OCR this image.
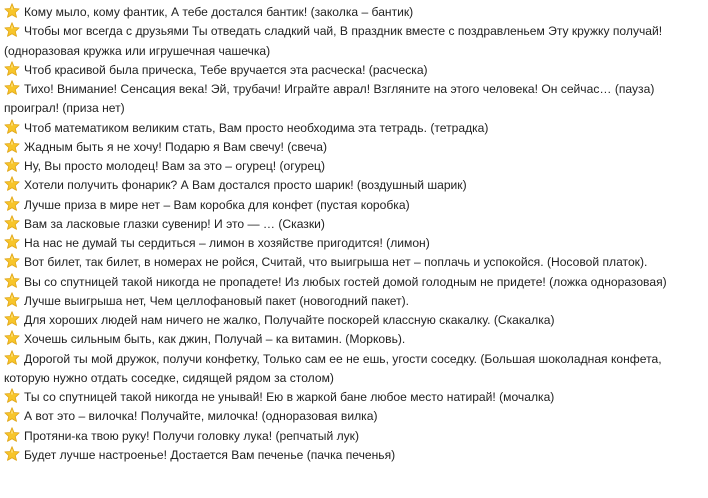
Кому мыло, кому фантик, А тебе достался бантик! (заколка – бантик)
Чтобы мог всегда с друзьями Ты отведать сладкий чай, В праздник вместе с поздравленьем Эту кружку получай! (одноразовая кружка или игрушечная чашечка)
Чтоб красивой была прическа, Тебе вручается эта расческа! (расческа)
Тихо! Внимание! Сенсация века! Эй, трубачи! Играйте аврал! Взгляните на этого человека! Он сейчас… (пауза) проиграл! (приза нет)
Чтоб математиком великим стать, Вам просто необходима эта тетрадь. (тетрадка)
Жадным быть я не хочу! Подарю я Вам свечу! (свеча)
Ну, Вы просто молодец! Вам за это – огурец! (огурец)
Хотели получить фонарик? А Вам достался просто шарик! (воздушный шарик)
Лучше приза в мире нет – Вам коробка для конфет (пустая коробка)
Вам за ласковые глазки сувенир! И это — … (Сказки)
На нас не думай ты сердиться – лимон в хозяйстве пригодится! (лимон)
Вот билет, так билет, в номерах не ройся, Считай, что выигрыша нет – поплачь и успокойся. (Носовой платок).
Вы со спутницей такой никогда не пропадете! Из любых гостей домой голодным не придете! (ложка одноразовая)
Лучше выигрыша нет, Чем целлофановый пакет (новогодний пакет).
Для хороших людей нам ничего не жалко, Получайте поскорей классную скакалку. (Скакалка)
Хочешь сильным быть, как джин, Получай – ка витамин. (Морковь).
Дорогой ты мой дружок, получи конфетку, Только сам ее не ешь, угости соседку. (Большая шоколадная конфета, которую нужно отдать соседке, сидящей рядом за столом)
Ты со спутницей такой никогда не унывай! Ею в жаркой бане любое место натирай! (мочалка)
А вот это – вилочка! Получайте, милочка! (одноразовая вилка)
Протяни-ка твою руку! Получи головку лука! (репчатый лук)
Будет лучше настроенье! Достается Вам печенье (пачка печенья)
